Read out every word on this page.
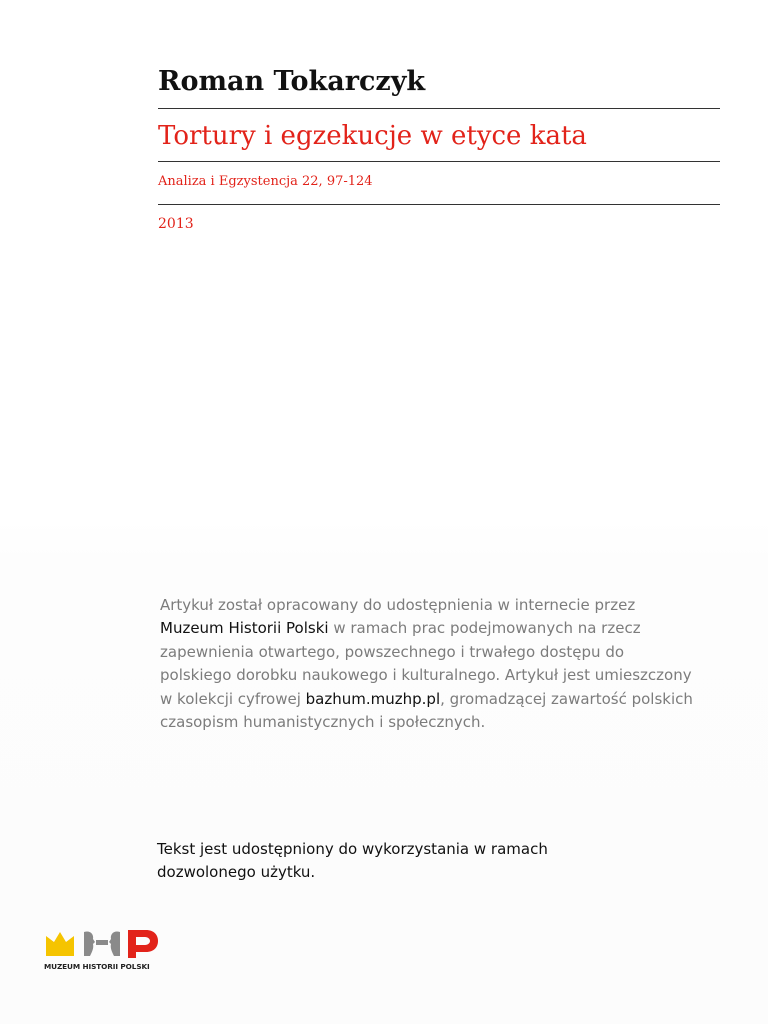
Roman Tokarczyk
Tortury i egzekucje w etyce kata
Analiza i Egzystencja 22, 97-124
2013
Artykuł został opracowany do udostępnienia w internecie przez
Muzeum Historii Polski w ramach prac podejmowanych na rzecz
zapewnienia otwartego, powszechnego i trwałego dostępu do
polskiego dorobku naukowego i kulturalnego. Artykuł jest umieszczony
w kolekcji cyfrowej bazhum.muzhp.pl, gromadzącej zawartość polskich
czasopism humanistycznych i społecznych.
Tekst jest udostępniony do wykorzystania w ramach
dozwolonego użytku.
MUZEUM HISTORII POLSKI
